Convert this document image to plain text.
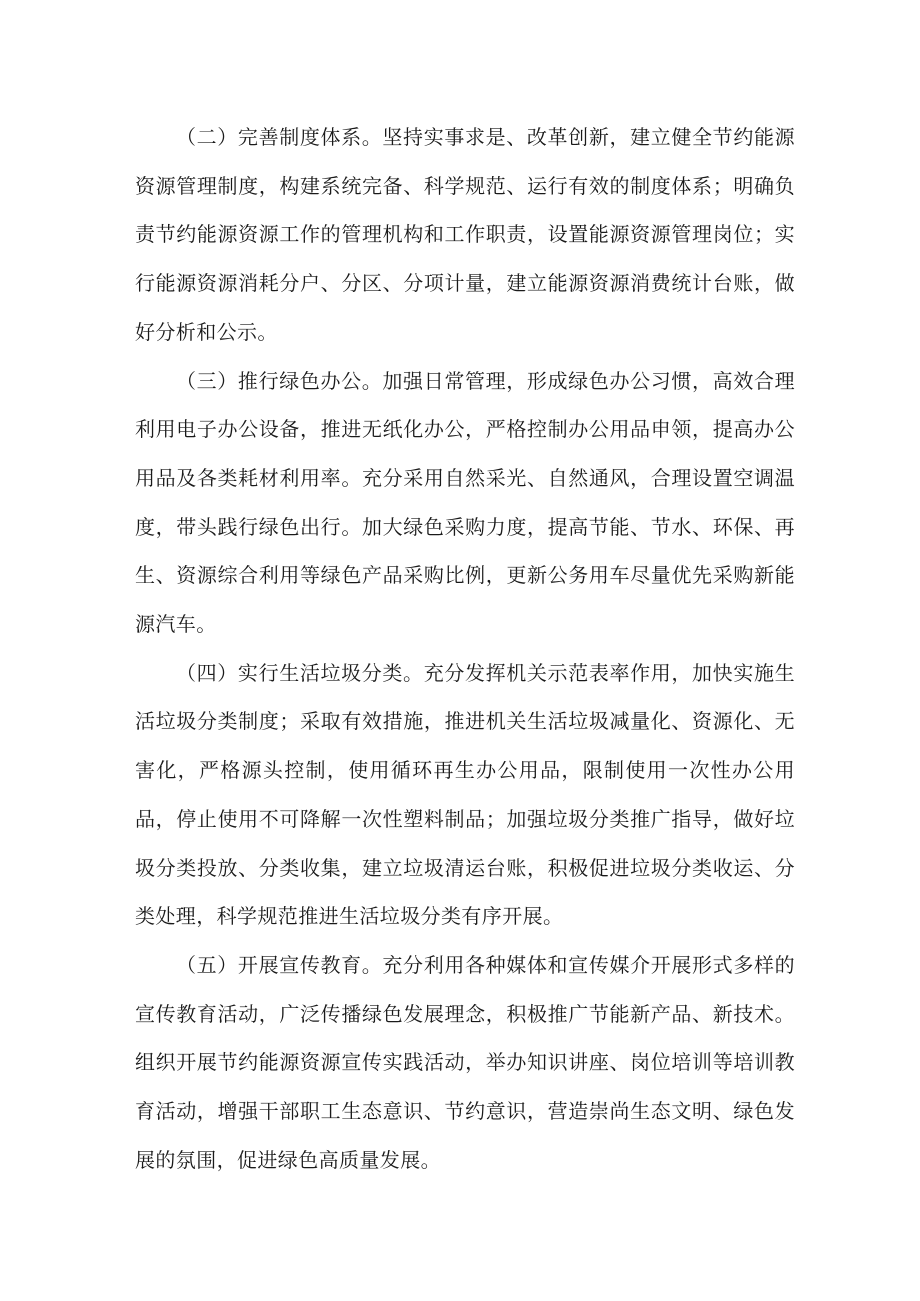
（二）完善制度体系。坚持实事求是、改革创新，建立健全节约能源资源管理制度，构建系统完备、科学规范、运行有效的制度体系；明确负责节约能源资源工作的管理机构和工作职责，设置能源资源管理岗位；实行能源资源消耗分户、分区、分项计量，建立能源资源消费统计台账，做好分析和公示。

（三）推行绿色办公。加强日常管理，形成绿色办公习惯，高效合理利用电子办公设备，推进无纸化办公，严格控制办公用品申领，提高办公用品及各类耗材利用率。充分采用自然采光、自然通风，合理设置空调温度，带头践行绿色出行。加大绿色采购力度，提高节能、节水、环保、再生、资源综合利用等绿色产品采购比例，更新公务用车尽量优先采购新能源汽车。

（四）实行生活垃圾分类。充分发挥机关示范表率作用，加快实施生活垃圾分类制度；采取有效措施，推进机关生活垃圾减量化、资源化、无害化，严格源头控制，使用循环再生办公用品，限制使用一次性办公用品，停止使用不可降解一次性塑料制品；加强垃圾分类推广指导，做好垃圾分类投放、分类收集，建立垃圾清运台账，积极促进垃圾分类收运、分类处理，科学规范推进生活垃圾分类有序开展。

（五）开展宣传教育。充分利用各种媒体和宣传媒介开展形式多样的宣传教育活动，广泛传播绿色发展理念，积极推广节能新产品、新技术。组织开展节约能源资源宣传实践活动，举办知识讲座、岗位培训等培训教育活动，增强干部职工生态意识、节约意识，营造崇尚生态文明、绿色发展的氛围，促进绿色高质量发展。
